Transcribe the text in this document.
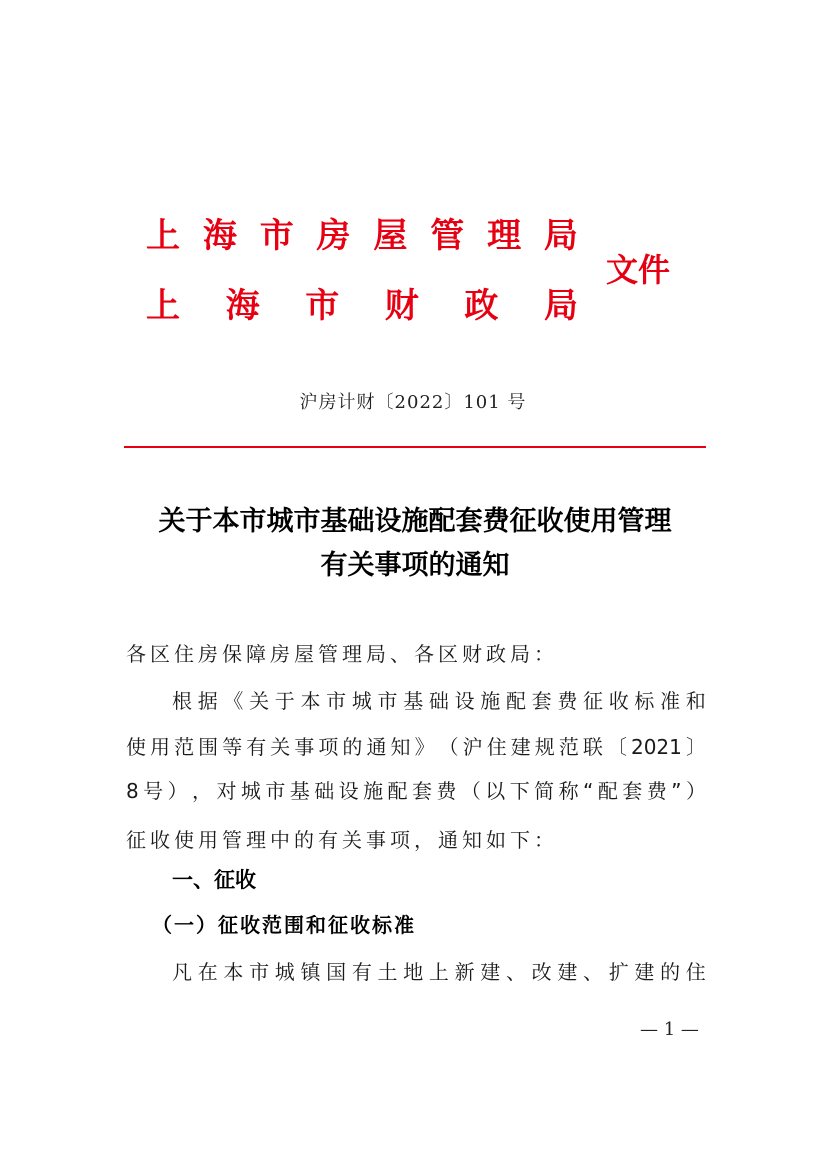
上 海 市 房 屋 管 理 局
上 海 市 财 政 局
文件
沪房计财〔2022〕101 号
关于本市城市基础设施配套费征收使用管理
有关事项的通知
各区住房保障房屋管理局、各区财政局：
根 据 《 关 于 本 市 城 市 基 础 设 施 配 套 费 征 收 标 准 和
使 用 范 围 等 有 关 事 项 的 通 知 》 （ 沪 住 建 规 范 联 〔 2021 〕
8 号 ） ， 对 城 市 基 础 设 施 配 套 费 （ 以 下 简 称 “ 配 套 费 ” ）
征收使用管理中的有关事项，通知如下：
一、征收
（一）征收范围和征收标准
凡 在 本 市 城 镇 国 有 土 地 上 新 建 、 改 建 、 扩 建 的 住
— 1 —
